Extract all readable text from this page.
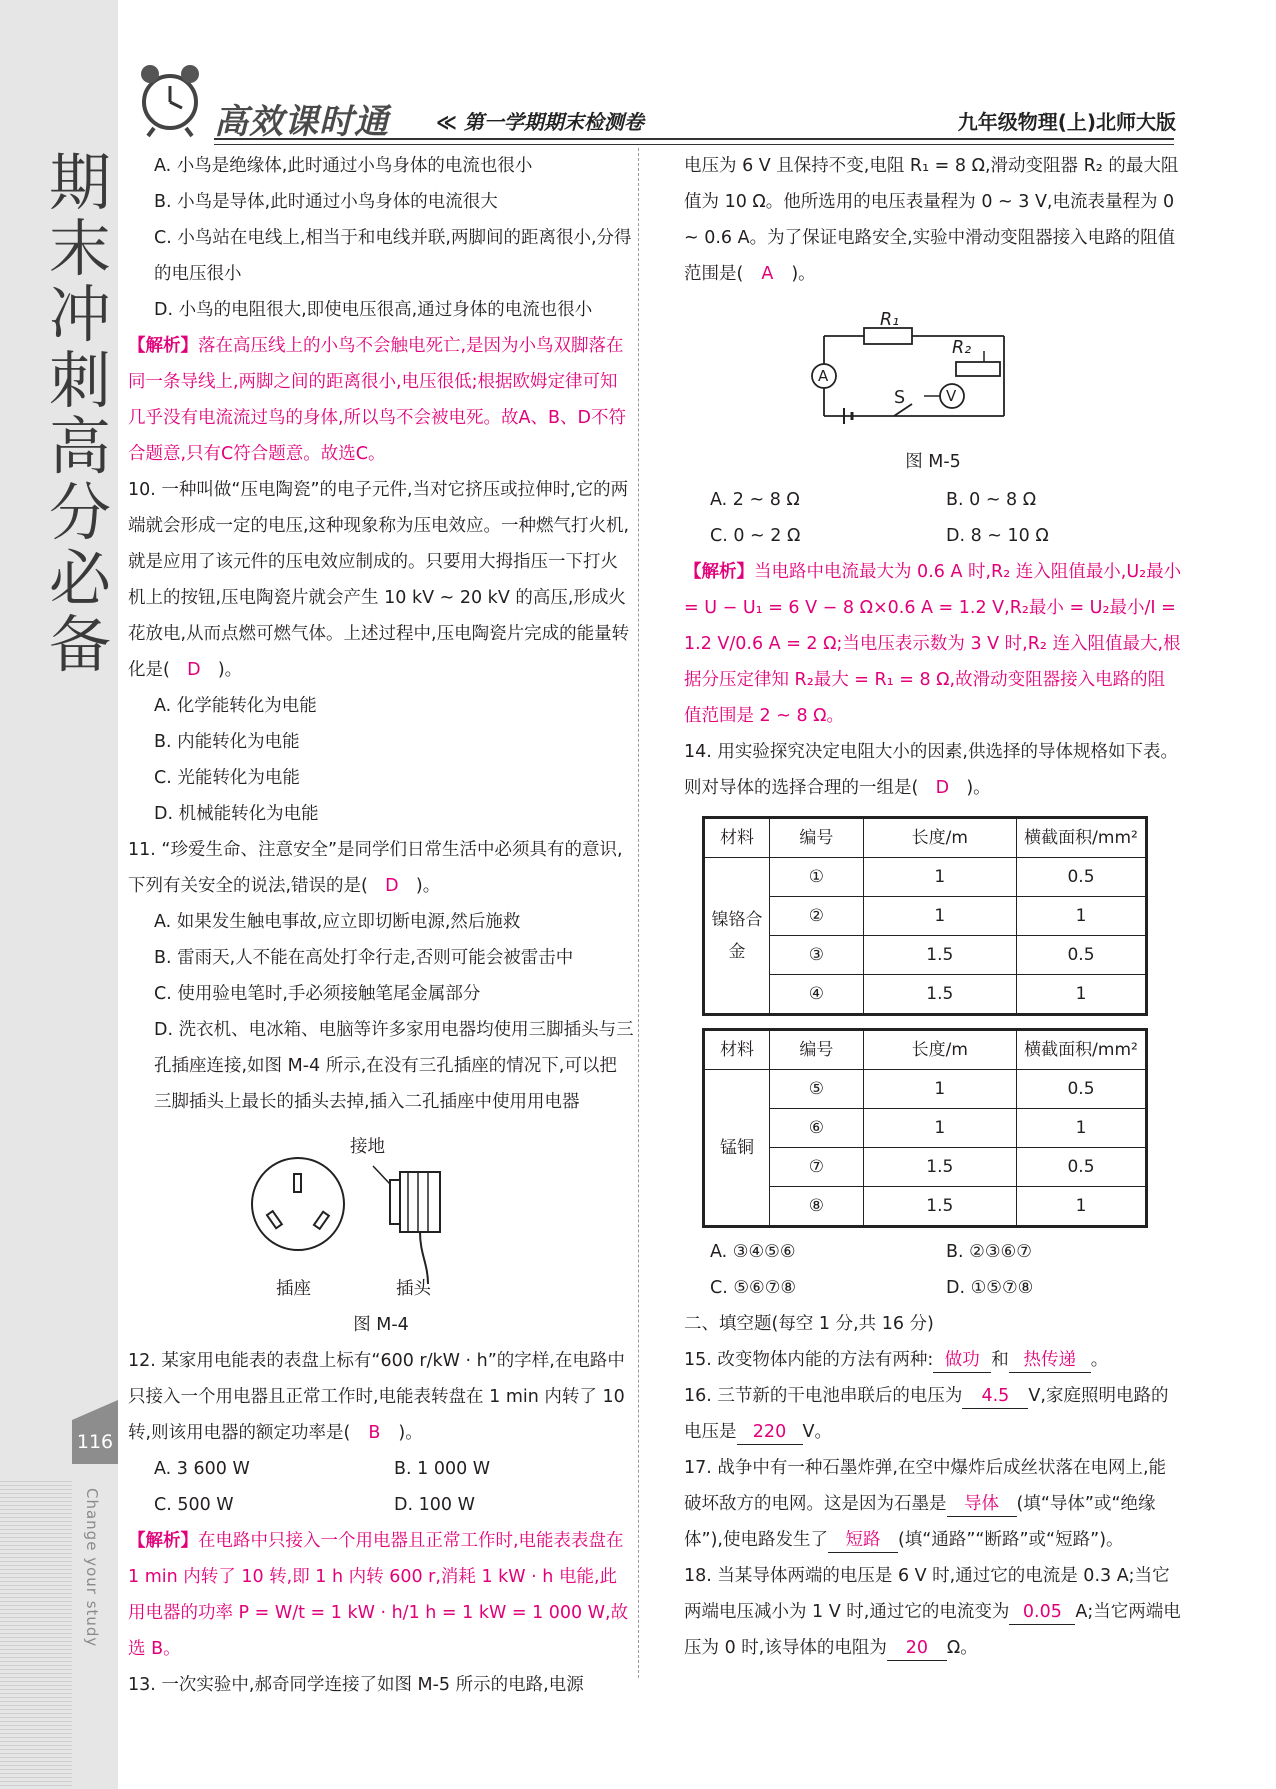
期末冲刺高分必备
116
Change your study
高效课时通 ≪ 第一学期期末检测卷	九年级物理(上)北师大版

A. 小鸟是绝缘体,此时通过小鸟身体的电流也很小

B. 小鸟是导体,此时通过小鸟身体的电流很大

C. 小鸟站在电线上,相当于和电线并联,两脚间的距离很小,分得的电压很小

D. 小鸟的电阻很大,即使电压很高,通过身体的电流也很小

【解析】落在高压线上的小鸟不会触电死亡,是因为小鸟双脚落在同一条导线上,两脚之间的距离很小,电压很低;根据欧姆定律可知几乎没有电流流过鸟的身体,所以鸟不会被电死。故A、B、D不符合题意,只有C符合题意。故选C。

10. 一种叫做“压电陶瓷”的电子元件,当对它挤压或拉伸时,它的两端就会形成一定的电压,这种现象称为压电效应。一种燃气打火机,就是应用了该元件的压电效应制成的。只要用大拇指压一下打火机上的按钮,压电陶瓷片就会产生 10 kV ~ 20 kV 的高压,形成火花放电,从而点燃可燃气体。上述过程中,压电陶瓷片完成的能量转化是( D )。

A. 化学能转化为电能

B. 内能转化为电能

C. 光能转化为电能

D. 机械能转化为电能

11. “珍爱生命、注意安全”是同学们日常生活中必须具有的意识,下列有关安全的说法,错误的是( D )。

A. 如果发生触电事故,应立即切断电源,然后施救

B. 雷雨天,人不能在高处打伞行走,否则可能会被雷击中

C. 使用验电笔时,手必须接触笔尾金属部分

D. 洗衣机、电冰箱、电脑等许多家用电器均使用三脚插头与三孔插座连接,如图 M-4 所示,在没有三孔插座的情况下,可以把三脚插头上最长的插头去掉,插入二孔插座中使用用电器

接地
插座	插头

图 M-4

12. 某家用电能表的表盘上标有“600 r/kW · h”的字样,在电路中只接入一个用电器且正常工作时,电能表转盘在 1 min 内转了 10 转,则该用电器的额定功率是( B )。

A. 3 600 W	B. 1 000 W
C. 500 W	D. 100 W

【解析】在电路中只接入一个用电器且正常工作时,电能表表盘在 1 min 内转了 10 转,即 1 h 内转 600 r,消耗 1 kW · h 电能,此用电器的功率 P = W/t = 1 kW · h/1 h = 1 kW = 1 000 W,故选 B。

13. 一次实验中,郝奇同学连接了如图 M-5 所示的电路,电源

电压为 6 V 且保持不变,电阻 R₁ = 8 Ω,滑动变阻器 R₂ 的最大阻值为 10 Ω。他所选用的电压表量程为 0 ~ 3 V,电流表量程为 0 ~ 0.6 A。为了保证电路安全,实验中滑动变阻器接入电路的阻值范围是( A )。

R₁
R₂
A
V
S

图 M-5

A. 2 ~ 8 Ω	B. 0 ~ 8 Ω
C. 0 ~ 2 Ω	D. 8 ~ 10 Ω

【解析】当电路中电流最大为 0.6 A 时,R₂ 连入阻值最小,U₂最小 = U − U₁ = 6 V − 8 Ω×0.6 A = 1.2 V,R₂最小 = U₂最小/I = 1.2 V/0.6 A = 2 Ω;当电压表示数为 3 V 时,R₂ 连入阻值最大,根据分压定律知 R₂最大 = R₁ = 8 Ω,故滑动变阻器接入电路的阻值范围是 2 ~ 8 Ω。

14. 用实验探究决定电阻大小的因素,供选择的导体规格如下表。则对导体的选择合理的一组是( D )。

材料	编号	长度/m	横截面积/mm²
镍铬合金	①	1	0.5
	②	1	1
	③	1.5	0.5
	④	1.5	1
材料	编号	长度/m	横截面积/mm²
锰铜	⑤	1	0.5
	⑥	1	1
	⑦	1.5	0.5
	⑧	1.5	1
A. ③④⑤⑥	B. ②③⑥⑦
C. ⑤⑥⑦⑧	D. ①⑤⑦⑧

二、填空题(每空 1 分,共 16 分)

15. 改变物体内能的方法有两种: 做功 和 热传递 。

16. 三节新的干电池串联后的电压为 4.5 V,家庭照明电路的电压是 220 V。

17. 战争中有一种石墨炸弹,在空中爆炸后成丝状落在电网上,能破坏敌方的电网。这是因为石墨是 导体 (填“导体”或“绝缘体”),使电路发生了 短路 (填“通路”“断路”或“短路”)。

18. 当某导体两端的电压是 6 V 时,通过它的电流是 0.3 A;当它两端电压减小为 1 V 时,通过它的电流变为 0.05 A;当它两端电压为 0 时,该导体的电阻为 20 Ω。
